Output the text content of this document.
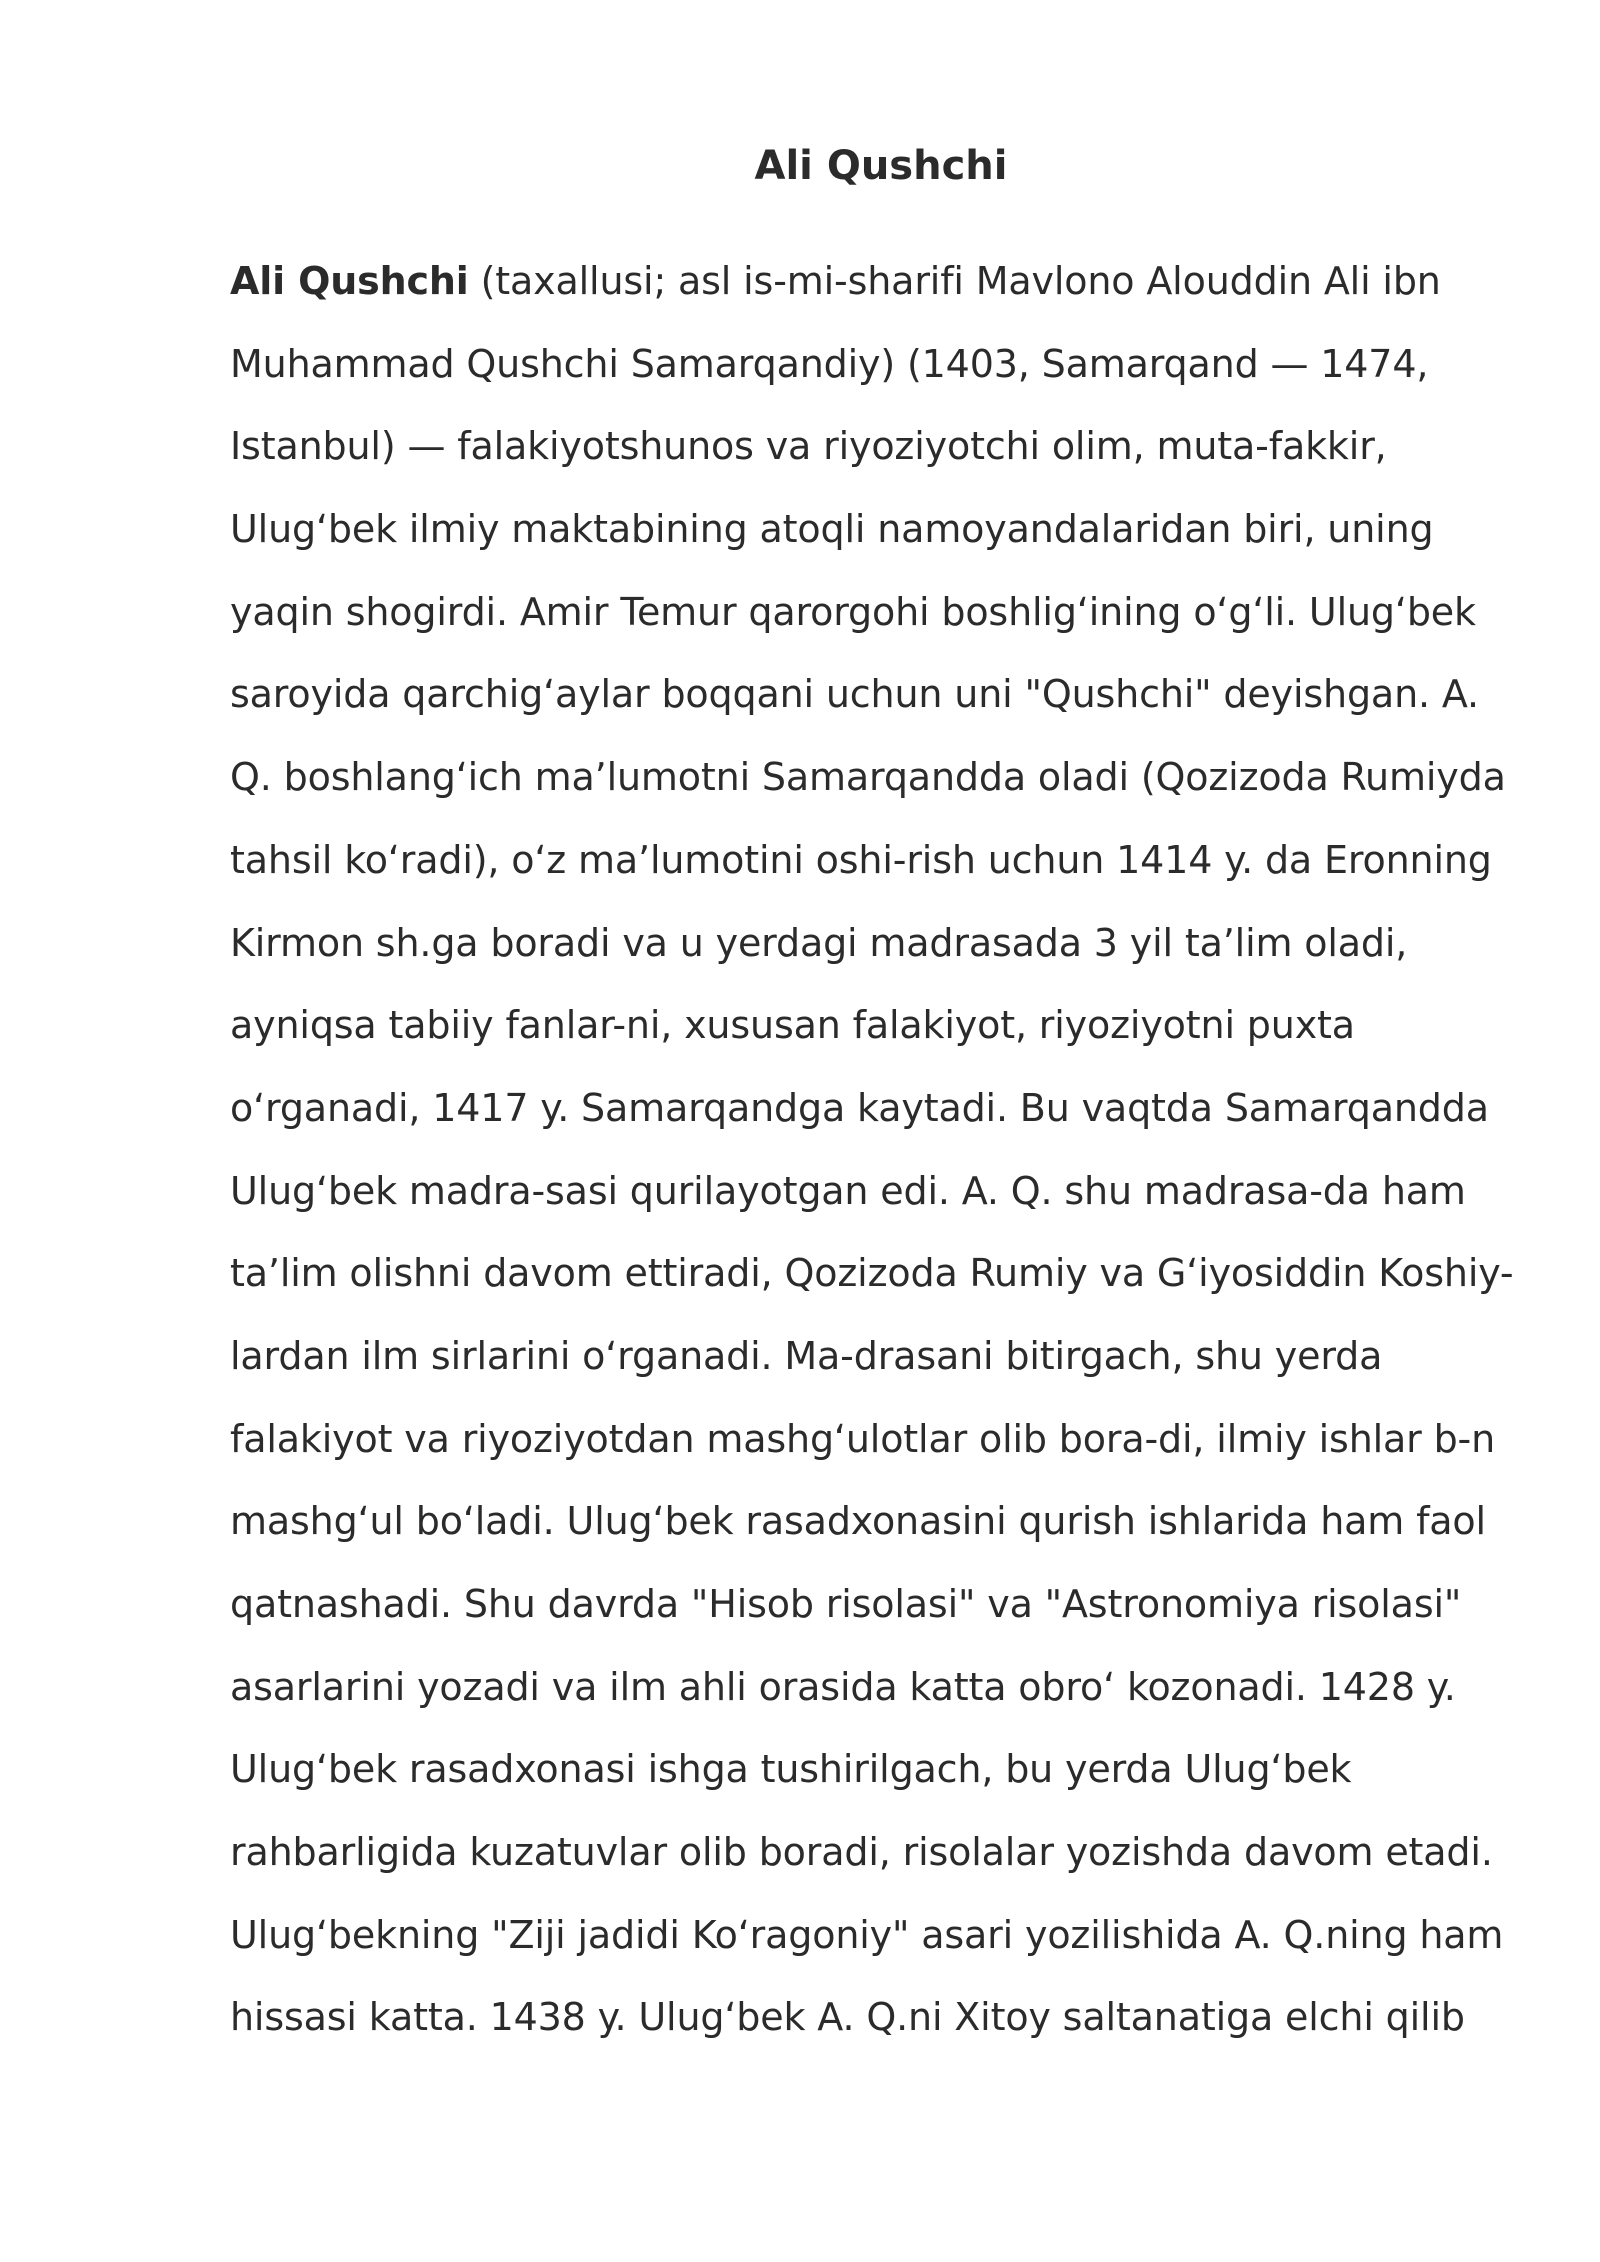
Ali Qushchi
Ali Qushchi (taxallusi; asl is-mi-sharifi Mavlono Alouddin Ali ibn
Muhammad Qushchi Samarqandiy) (1403, Samarqand — 1474,
Istanbul) — falakiyotshunos va riyoziyotchi olim, muta-fakkir,
Ulugʻbek ilmiy maktabining atoqli namoyandalaridan biri, uning
yaqin shogirdi. Amir Temur qarorgohi boshligʻining oʻgʻli. Ulugʻbek
saroyida qarchigʻaylar boqqani uchun uni "Qushchi" deyishgan. A.
Q. boshlangʻich maʼlumotni Samarqandda oladi (Qozizoda Rumiyda
tahsil koʻradi), oʻz maʼlumotini oshi-rish uchun 1414 y. da Eronning
Kirmon sh.ga boradi va u yerdagi madrasada 3 yil taʼlim oladi,
ayniqsa tabiiy fanlar-ni, xususan falakiyot, riyoziyotni puxta
oʻrganadi, 1417 y. Samarqandga kaytadi. Bu vaqtda Samarqandda
Ulugʻbek madra-sasi qurilayotgan edi. A. Q. shu madrasa-da ham
taʼlim olishni davom ettiradi, Qozizoda Rumiy va Gʻiyosiddin Koshiy-
lardan ilm sirlarini oʻrganadi. Ma-drasani bitirgach, shu yerda
falakiyot va riyoziyotdan mashgʻulotlar olib bora-di, ilmiy ishlar b-n
mashgʻul boʻladi. Ulugʻbek rasadxonasini qurish ishlarida ham faol
qatnashadi. Shu davrda "Hisob risolasi" va "Astronomiya risolasi"
asarlarini yozadi va ilm ahli orasida katta obroʻ kozonadi. 1428 y.
Ulugʻbek rasadxonasi ishga tushirilgach, bu yerda Ulugʻbek
rahbarligida kuzatuvlar olib boradi, risolalar yozishda davom etadi.
Ulugʻbekning "Ziji jadidi Koʻragoniy" asari yozilishida A. Q.ning ham
hissasi katta. 1438 y. Ulugʻbek A. Q.ni Xitoy saltanatiga elchi qilib
